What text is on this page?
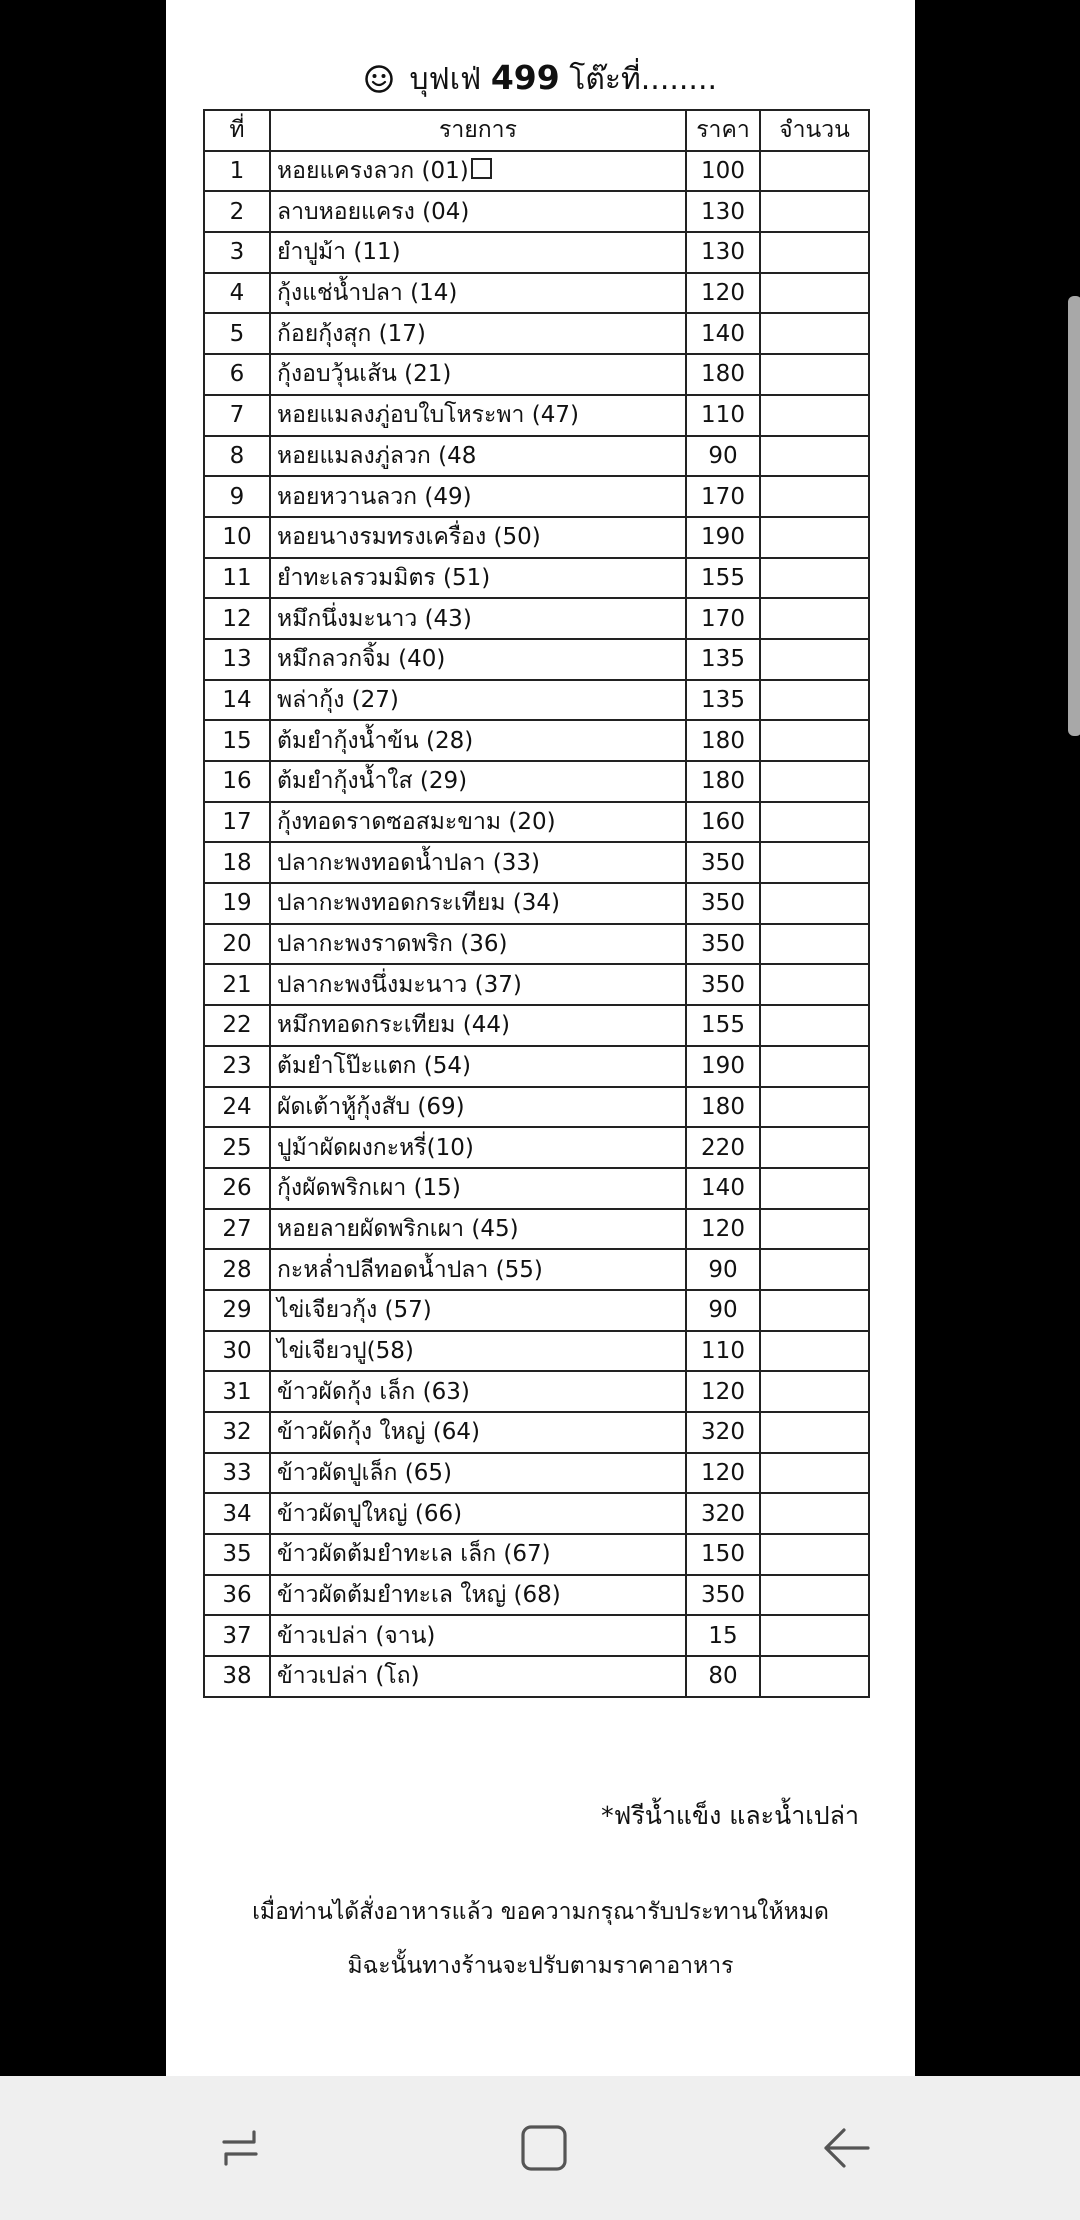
บุฟเฟ่ 499 โต๊ะที่........
ที่	รายการ	ราคา	จำนวน
1	หอยแครงลวก (01)	100	
2	ลาบหอยแครง (04)	130	
3	ยำปูม้า (11)	130	
4	กุ้งแช่น้ำปลา (14)	120	
5	ก้อยกุ้งสุก (17)	140	
6	กุ้งอบวุ้นเส้น (21)	180	
7	หอยแมลงภู่อบใบโหระพา (47)	110	
8	หอยแมลงภู่ลวก (48	90	
9	หอยหวานลวก (49)	170	
10	หอยนางรมทรงเครื่อง (50)	190	
11	ยำทะเลรวมมิตร (51)	155	
12	หมึกนึ่งมะนาว (43)	170	
13	หมึกลวกจิ้ม (40)	135	
14	พล่ากุ้ง (27)	135	
15	ต้มยำกุ้งน้ำข้น (28)	180	
16	ต้มยำกุ้งน้ำใส (29)	180	
17	กุ้งทอดราดซอสมะขาม (20)	160	
18	ปลากะพงทอดน้ำปลา (33)	350	
19	ปลากะพงทอดกระเทียม (34)	350	
20	ปลากะพงราดพริก (36)	350	
21	ปลากะพงนึ่งมะนาว (37)	350	
22	หมึกทอดกระเทียม (44)	155	
23	ต้มยำโป๊ะแตก (54)	190	
24	ผัดเต้าหู้กุ้งสับ (69)	180	
25	ปูม้าผัดผงกะหรี่(10)	220	
26	กุ้งผัดพริกเผา (15)	140	
27	หอยลายผัดพริกเผา (45)	120	
28	กะหล่ำปลีทอดน้ำปลา (55)	90	
29	ไข่เจียวกุ้ง (57)	90	
30	ไข่เจียวปู(58)	110	
31	ข้าวผัดกุ้ง เล็ก (63)	120	
32	ข้าวผัดกุ้ง ใหญ่ (64)	320	
33	ข้าวผัดปูเล็ก (65)	120	
34	ข้าวผัดปูใหญ่ (66)	320	
35	ข้าวผัดต้มยำทะเล เล็ก (67)	150	
36	ข้าวผัดต้มยำทะเล ใหญ่ (68)	350	
37	ข้าวเปล่า (จาน)	15	
38	ข้าวเปล่า (โถ)	80	
*ฟรีน้ำแข็ง และน้ำเปล่า
เมื่อท่านได้สั่งอาหารแล้ว ขอความกรุณารับประทานให้หมด
มิฉะนั้นทางร้านจะปรับตามราคาอาหาร
